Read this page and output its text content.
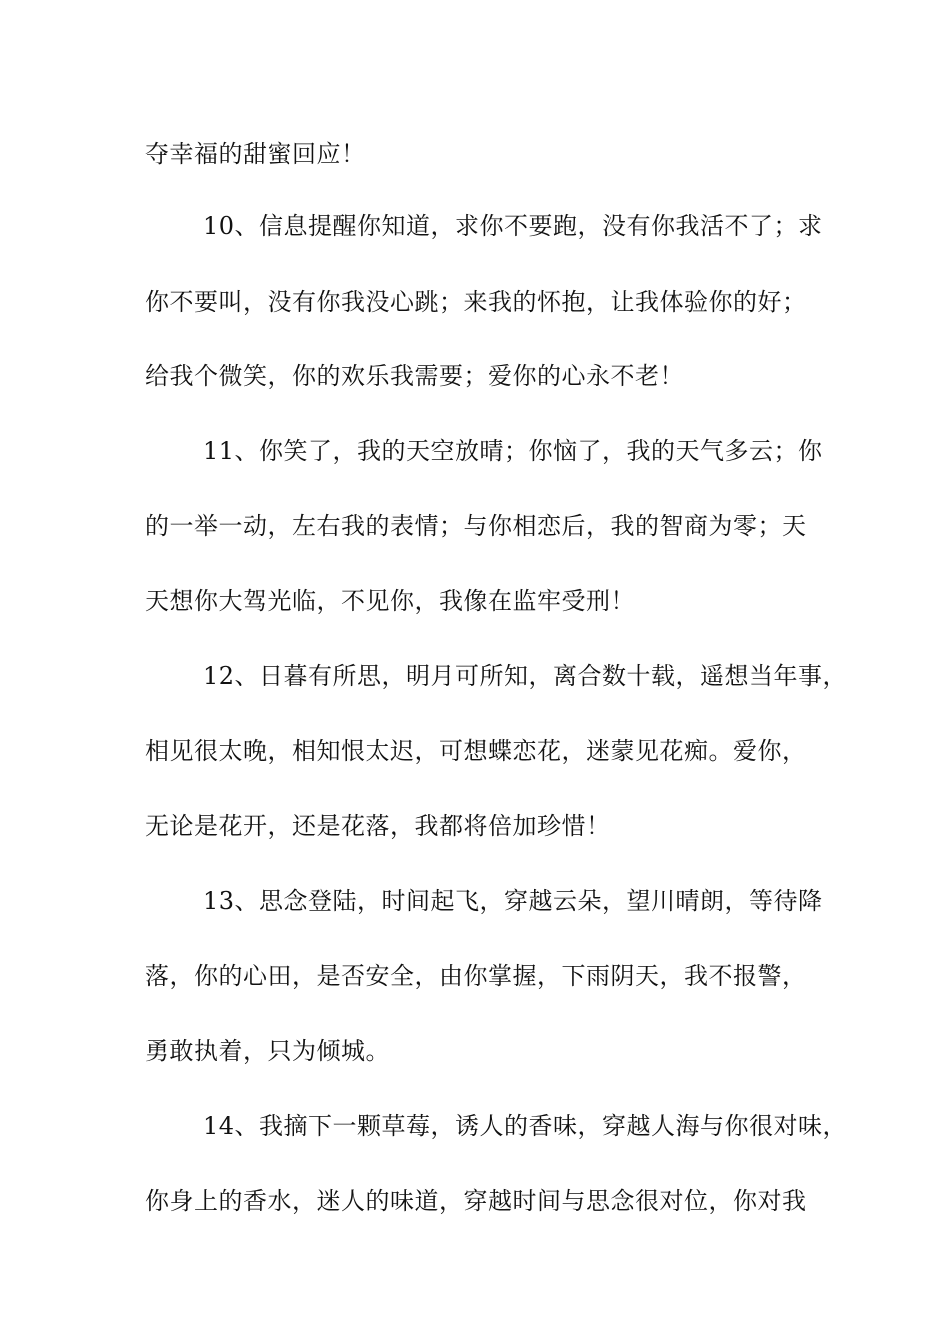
夺幸福的甜蜜回应！
10、信息提醒你知道，求你不要跑，没有你我活不了；求
你不要叫，没有你我没心跳；来我的怀抱，让我体验你的好；
给我个微笑，你的欢乐我需要；爱你的心永不老！
11、你笑了，我的天空放晴；你恼了，我的天气多云；你
的一举一动，左右我的表情；与你相恋后，我的智商为零；天
天想你大驾光临，不见你，我像在监牢受刑！
12、日暮有所思，明月可所知，离合数十载，遥想当年事，
相见很太晚，相知恨太迟，可想蝶恋花，迷蒙见花痴。爱你，
无论是花开，还是花落，我都将倍加珍惜！
13、思念登陆，时间起飞，穿越云朵，望川晴朗，等待降
落，你的心田，是否安全，由你掌握，下雨阴天，我不报警，
勇敢执着，只为倾城。
14、我摘下一颗草莓，诱人的香味，穿越人海与你很对味，
你身上的香水，迷人的味道，穿越时间与思念很对位，你对我
